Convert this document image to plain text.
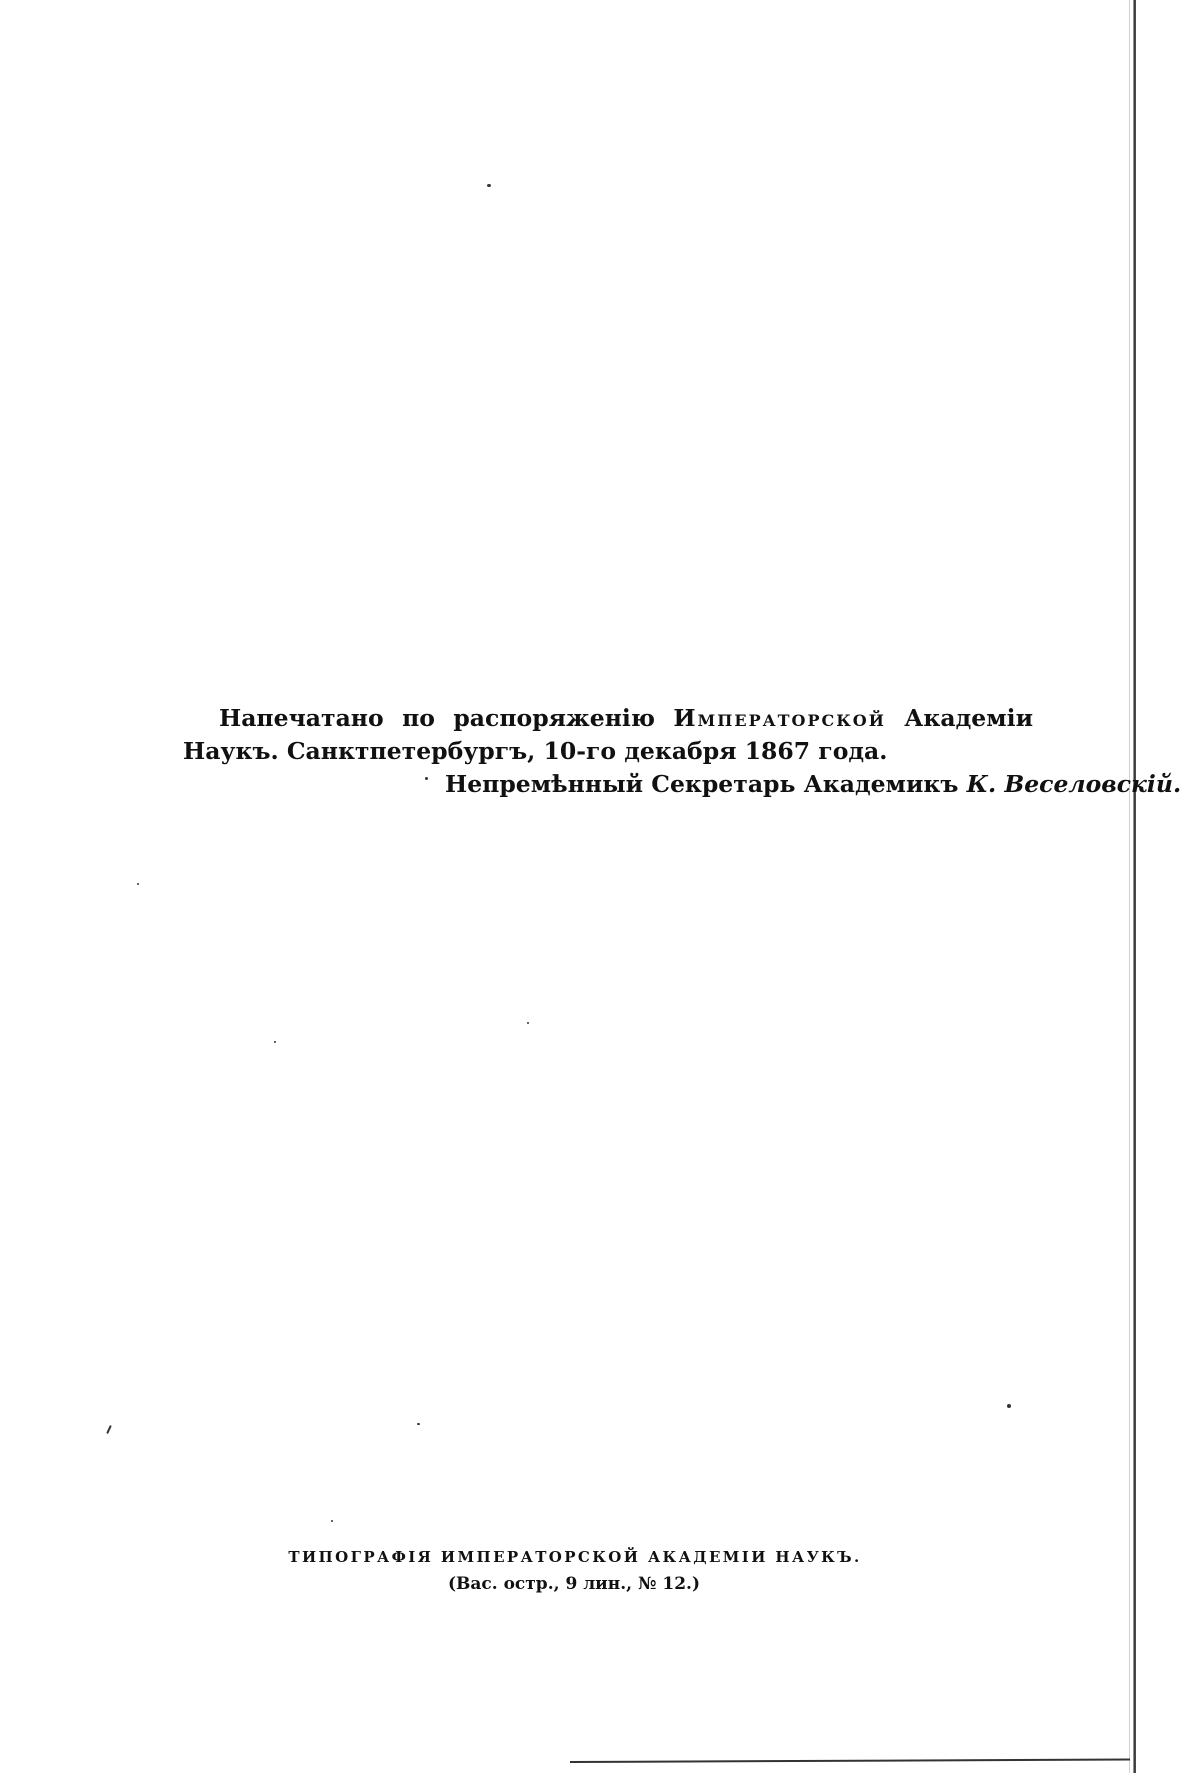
Напечатано по распоряженію Императорской Академіи Наукъ. Санктпетербургъ, 10-го декабря 1867 года.

Непремѣнный Секретарь Академикъ К. Веселовскій.
ТИПОГРАФІЯ ИМПЕРАТОРСКОЙ АКАДЕМІИ НАУКЪ.
(Вас. остр., 9 лин., № 12.)
